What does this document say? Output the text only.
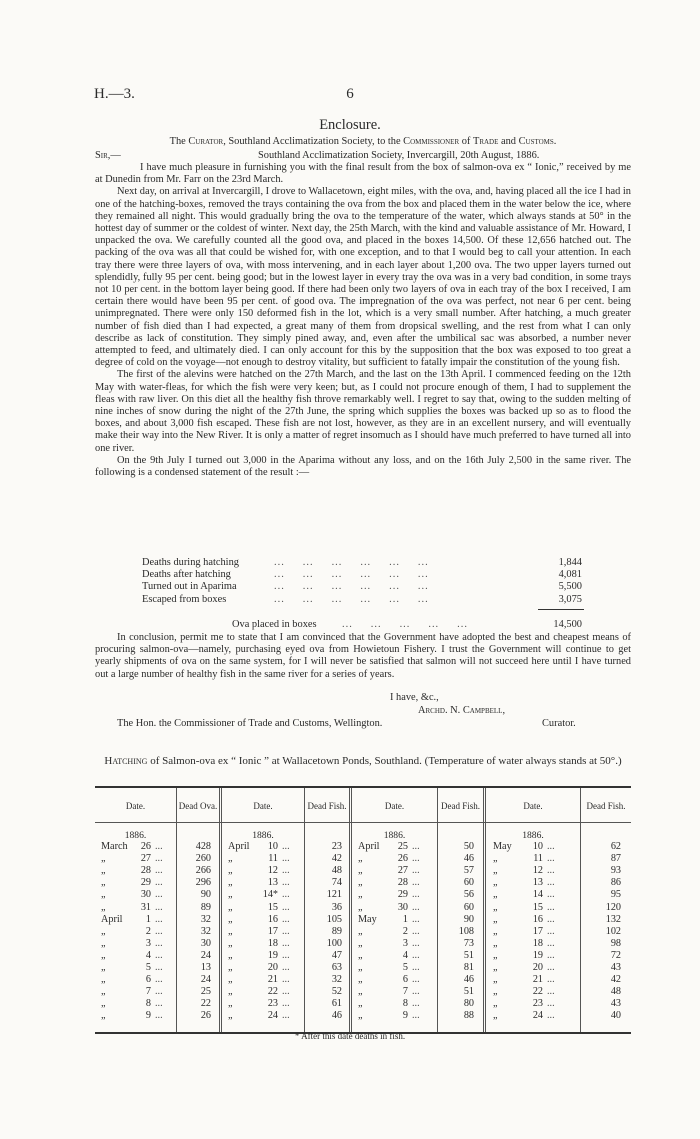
H.—3.	6
Enclosure.
The Curator, Southland Acclimatization Society, to the Commissioner of Trade and Customs.
Sir,—	Southland Acclimatization Society, Invercargill, 20th August, 1886.

I have much pleasure in furnishing you with the final result from the box of salmon-ova ex “ Ionic,” received by me at Dunedin from Mr. Farr on the 23rd March.

Next day, on arrival at Invercargill, I drove to Wallacetown, eight miles, with the ova, and, having placed all the ice I had in one of the hatching-boxes, removed the trays containing the ova from the box and placed them in the water below the ice, where they remained all night. This would gradually bring the ova to the temperature of the water, which always stands at 50° in the hottest day of summer or the coldest of winter. Next day, the 25th March, with the kind and valuable assistance of Mr. Howard, I unpacked the ova. We carefully counted all the good ova, and placed in the boxes 14,500. Of these 12,656 hatched out. The packing of the ova was all that could be wished for, with one exception, and to that I would beg to call your attention. In each tray there were three layers of ova, with moss intervening, and in each layer about 1,200 ova. The two upper layers turned out splendidly, fully 95 per cent. being good; but in the lowest layer in every tray the ova was in a very bad condition, in some trays not 10 per cent. in the bottom layer being good. If there had been only two layers of ova in each tray of the box I received, I am certain there would have been 95 per cent. of good ova. The impregnation of the ova was perfect, not near 6 per cent. being unimpregnated. There were only 150 deformed fish in the lot, which is a very small number. After hatching, a much greater number of fish died than I had expected, a great many of them from dropsical swelling, and the rest from what I can only describe as lack of constitution. They simply pined away, and, even after the umbilical sac was absorbed, a number never attempted to feed, and ultimately died. I can only account for this by the supposition that the box was exposed to too great a degree of cold on the voyage—not enough to destroy vitality, but sufficient to fatally impair the constitution of the young fish.

The first of the alevins were hatched on the 27th March, and the last on the 13th April. I commenced feeding on the 12th May with water-fleas, for which the fish were very keen; but, as I could not procure enough of them, I had to supplement the fleas with raw liver. On this diet all the healthy fish throve remarkably well. I regret to say that, owing to the sudden melting of nine inches of snow during the night of the 27th June, the spring which supplies the boxes was backed up so as to flood the boxes, and about 3,000 fish escaped. These fish are not lost, however, as they are in an excellent nursery, and will eventually make their way into the New River. It is only a matter of regret insomuch as I should have much preferred to have turned all into one river.

On the 9th July I turned out 3,000 in the Aparima without any loss, and on the 16th July 2,500 in the same river. The following is a condensed statement of the result :—

Deaths during hatching	...     ...     ...     ...     ...     ...	1,844
Deaths after hatching	...     ...     ...     ...     ...     ...	4,081
Turned out in Aparima	...     ...     ...     ...     ...     ...	5,500
Escaped from boxes	...     ...     ...     ...     ...     ...	3,075
Ova placed in boxes	...     ...     ...     ...     ...	14,500

In conclusion, permit me to state that I am convinced that the Government have adopted the best and cheapest means of procuring salmon-ova—namely, purchasing eyed ova from Howietoun Fishery. I trust the Government will continue to get yearly shipments of ova on the same system, for I will never be satisfied that salmon will not succeed here until I have turned out a large number of healthy fish in the same river for a series of years.

I have, &c.,
Archd. N. Campbell,
The Hon. the Commissioner of Trade and Customs, Wellington.	Curator.
Hatching of Salmon-ova ex “ Ionic ” at Wallacetown Ponds, Southland. (Temperature of water always stands at 50°.)
Date.	Dead Ova.	Date.	Dead Fish.	Date.	Dead Fish.	Date.	Dead Fish.
1886.	1886.	1886.	1886.
March 26 ...	428
„	27 ...	260
„	28 ...	266
„	29 ...	296
„	30 ...	90
„	31 ...	89
April 1 ...	32
„	2 ...	32
„	3 ...	30
„	4 ...	24
„	5 ...	13
„	6 ...	24
„	7 ...	25
„	8 ...	22
„	9 ...	26
April 10 ...	23
„	11 ...	42
„	12 ...	48
„	13 ...	74
„	14* ...	121
„	15 ...	36
„	16 ...	105
„	17 ...	89
„	18 ...	100
„	19 ...	47
„	20 ...	63
„	21 ...	32
„	22 ...	52
„	23 ...	61
„	24 ...	46
April 25 ...	50
„	26 ...	46
„	27 ...	57
„	28 ...	60
„	29 ...	56
„	30 ...	60
May	1 ...	90
„	2 ...	108
„	3 ...	73
„	4 ...	51
„	5 ...	81
„	6 ...	46
„	7 ...	51
„	8 ...	80
„	9 ...	88
May 10 ...	62
„	11 ...	87
„	12 ...	93
„	13 ...	86
„	14 ...	95
„	15 ...	120
„	16 ...	132
„	17 ...	102
„	18 ...	98
„	19 ...	72
„	20 ...	43
„	21 ...	42
„	22 ...	48
„	23 ...	43
„	24 ...	40
* After this date deaths in fish.
